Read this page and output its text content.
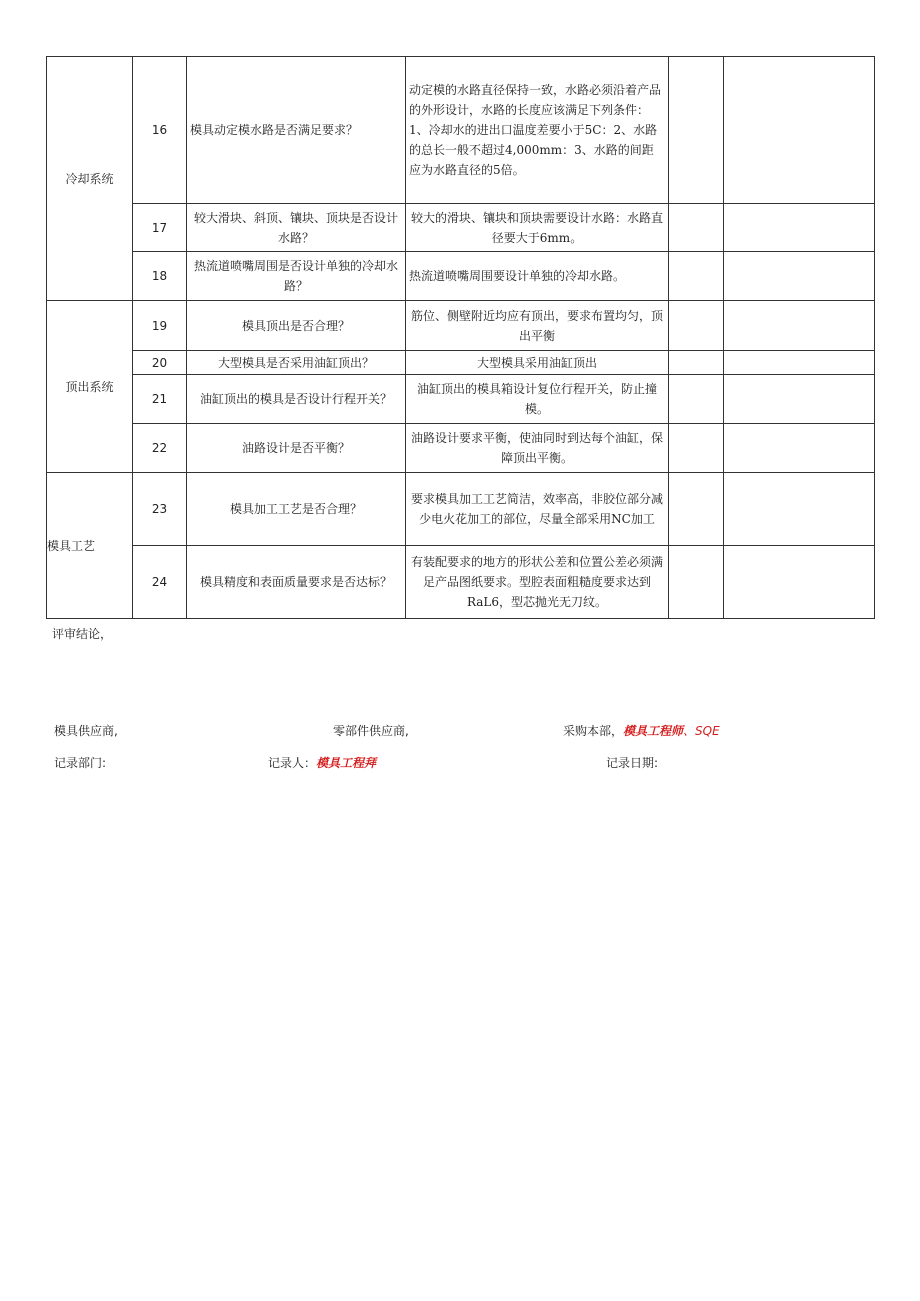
冷却系统	16	模具动定模水路是否满足要求？	动定模的水路直径保持一致，水路必须沿着产品的外形设计，水路的长度应该满足下列条件：1、冷却水的进出口温度差要小于5C：2、水路的总长一般不超过4,000mm：3、水路的间距应为水路直径的5倍。		
	17	较大滑块、斜顶、镶块、顶块是否设计水路？	较大的滑块、镶块和顶块需要设计水路：水路直径要大于6mm。		
	18	热流道喷嘴周围是否设计单独的冷却水路？	热流道喷嘴周围要设计单独的冷却水路。		
顶出系统	19	模具顶出是否合理？	筋位、侧壁附近均应有顶出，要求布置均匀，顶出平衡		
	20	大型模具是否采用油缸顶出？	大型模具采用油缸顶出		
	21	油缸顶出的模具是否设计行程开关？	油缸顶出的模具箱设计复位行程开关，防止撞模。		
	22	油路设计是否平衡？	油路设计要求平衡，使油同时到达每个油缸，保障顶出平衡。		
模具工艺	23	模具加工工艺是否合理？	要求模具加工工艺简洁，效率高，非胶位部分减少电火花加工的部位，尽量全部采用NC加工		
	24	模具精度和表面质量要求是否达标？	有装配要求的地方的形状公差和位置公差必须满足产品图纸要求。型腔表面粗糙度要求达到RaL6，型芯抛光无刀纹。		
评审结论，
模具供应商,	零部件供应商,	采购本部，模具工程师、SQE
记录部门:	记录人：模具工程拜	记录日期:
